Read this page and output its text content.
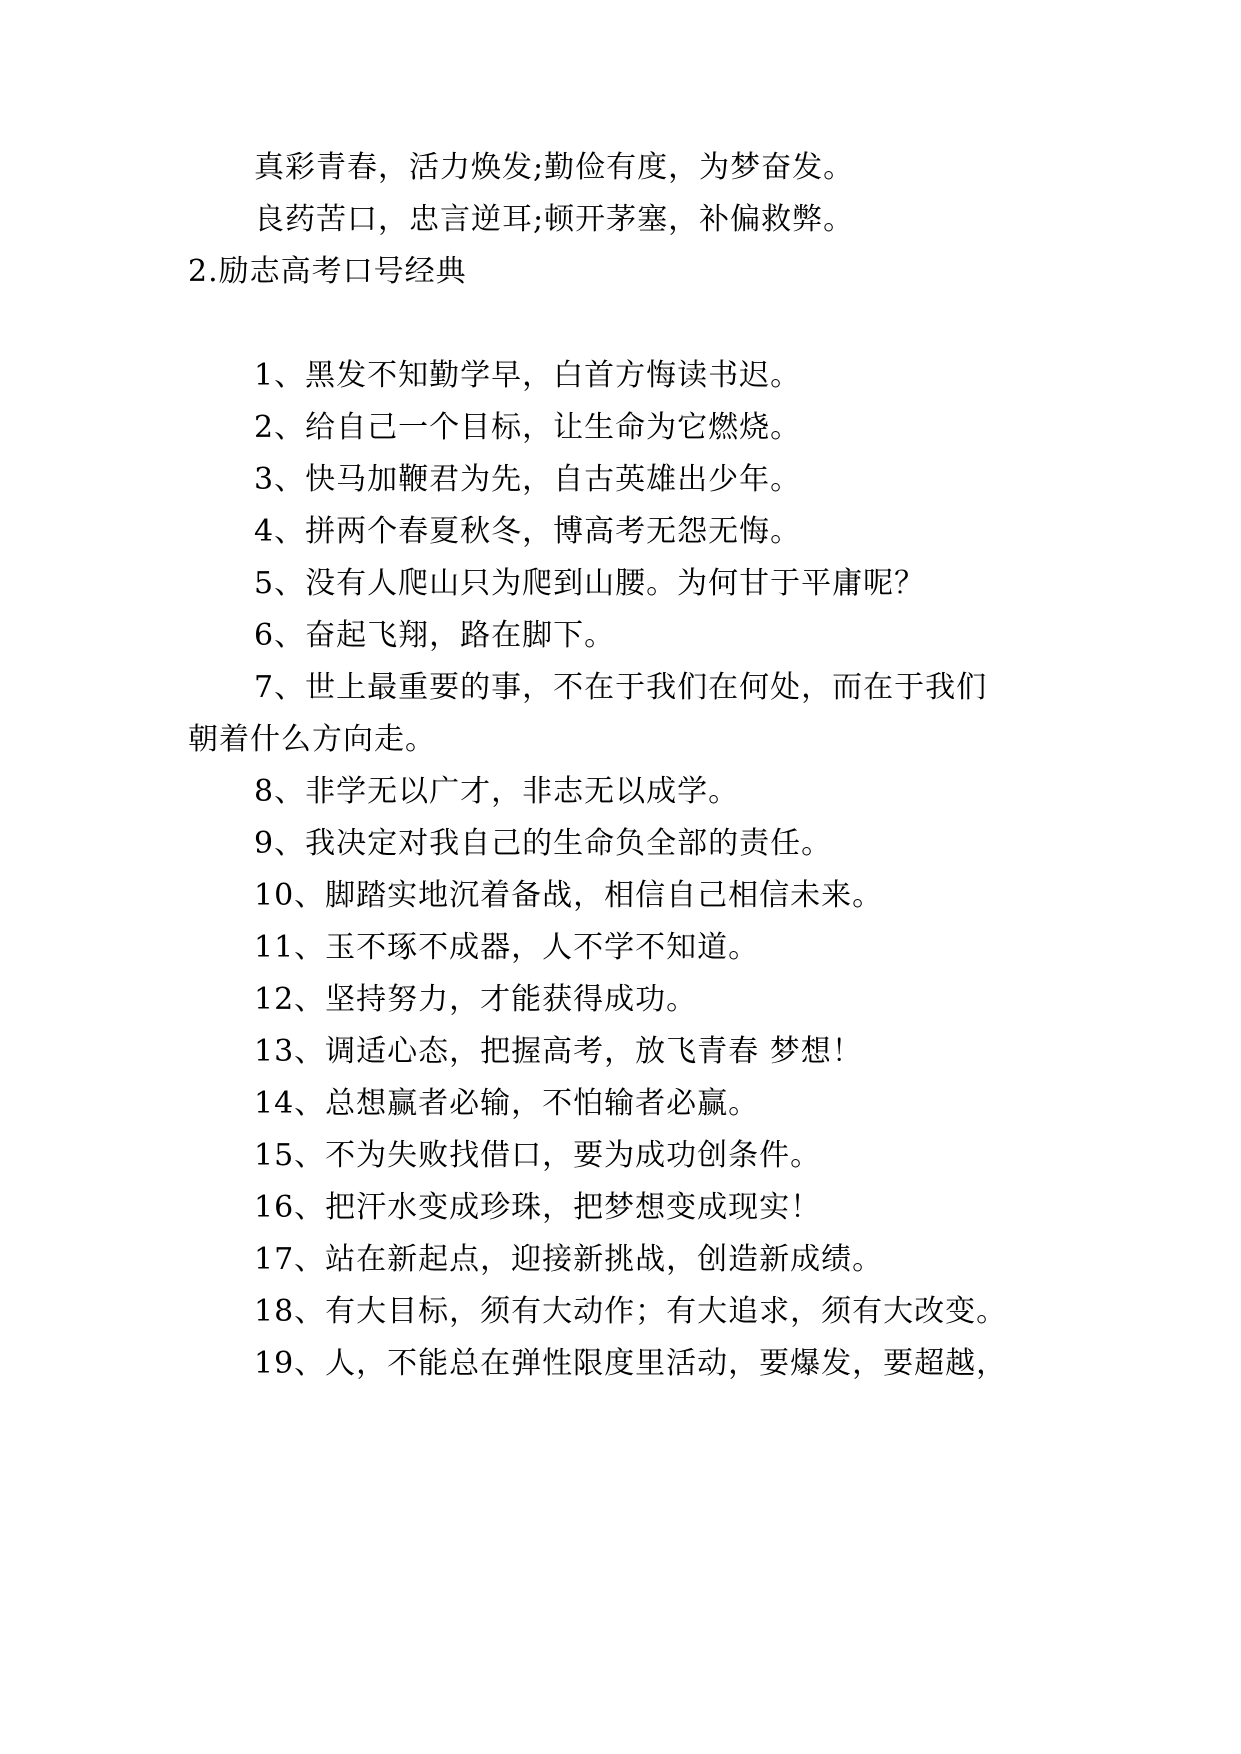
真彩青春，活力焕发;勤俭有度，为梦奋发。
良药苦口，忠言逆耳;顿开茅塞，补偏救弊。
2.励志高考口号经典
1、黑发不知勤学早，白首方悔读书迟。
2、给自己一个目标，让生命为它燃烧。
3、快马加鞭君为先，自古英雄出少年。
4、拼两个春夏秋冬，博高考无怨无悔。
5、没有人爬山只为爬到山腰。为何甘于平庸呢？
6、奋起飞翔，路在脚下。
7、世上最重要的事，不在于我们在何处，而在于我们
朝着什么方向走。
8、非学无以广才，非志无以成学。
9、我决定对我自己的生命负全部的责任。
10、脚踏实地沉着备战，相信自己相信未来。
11、玉不琢不成器，人不学不知道。
12、坚持努力，才能获得成功。
13、调适心态，把握高考，放飞青春 梦想！
14、总想赢者必输，不怕输者必赢。
15、不为失败找借口，要为成功创条件。
16、把汗水变成珍珠，把梦想变成现实！
17、站在新起点，迎接新挑战，创造新成绩。
18、有大目标，须有大动作；有大追求，须有大改变。
19、人，不能总在弹性限度里活动，要爆发，要超越，
